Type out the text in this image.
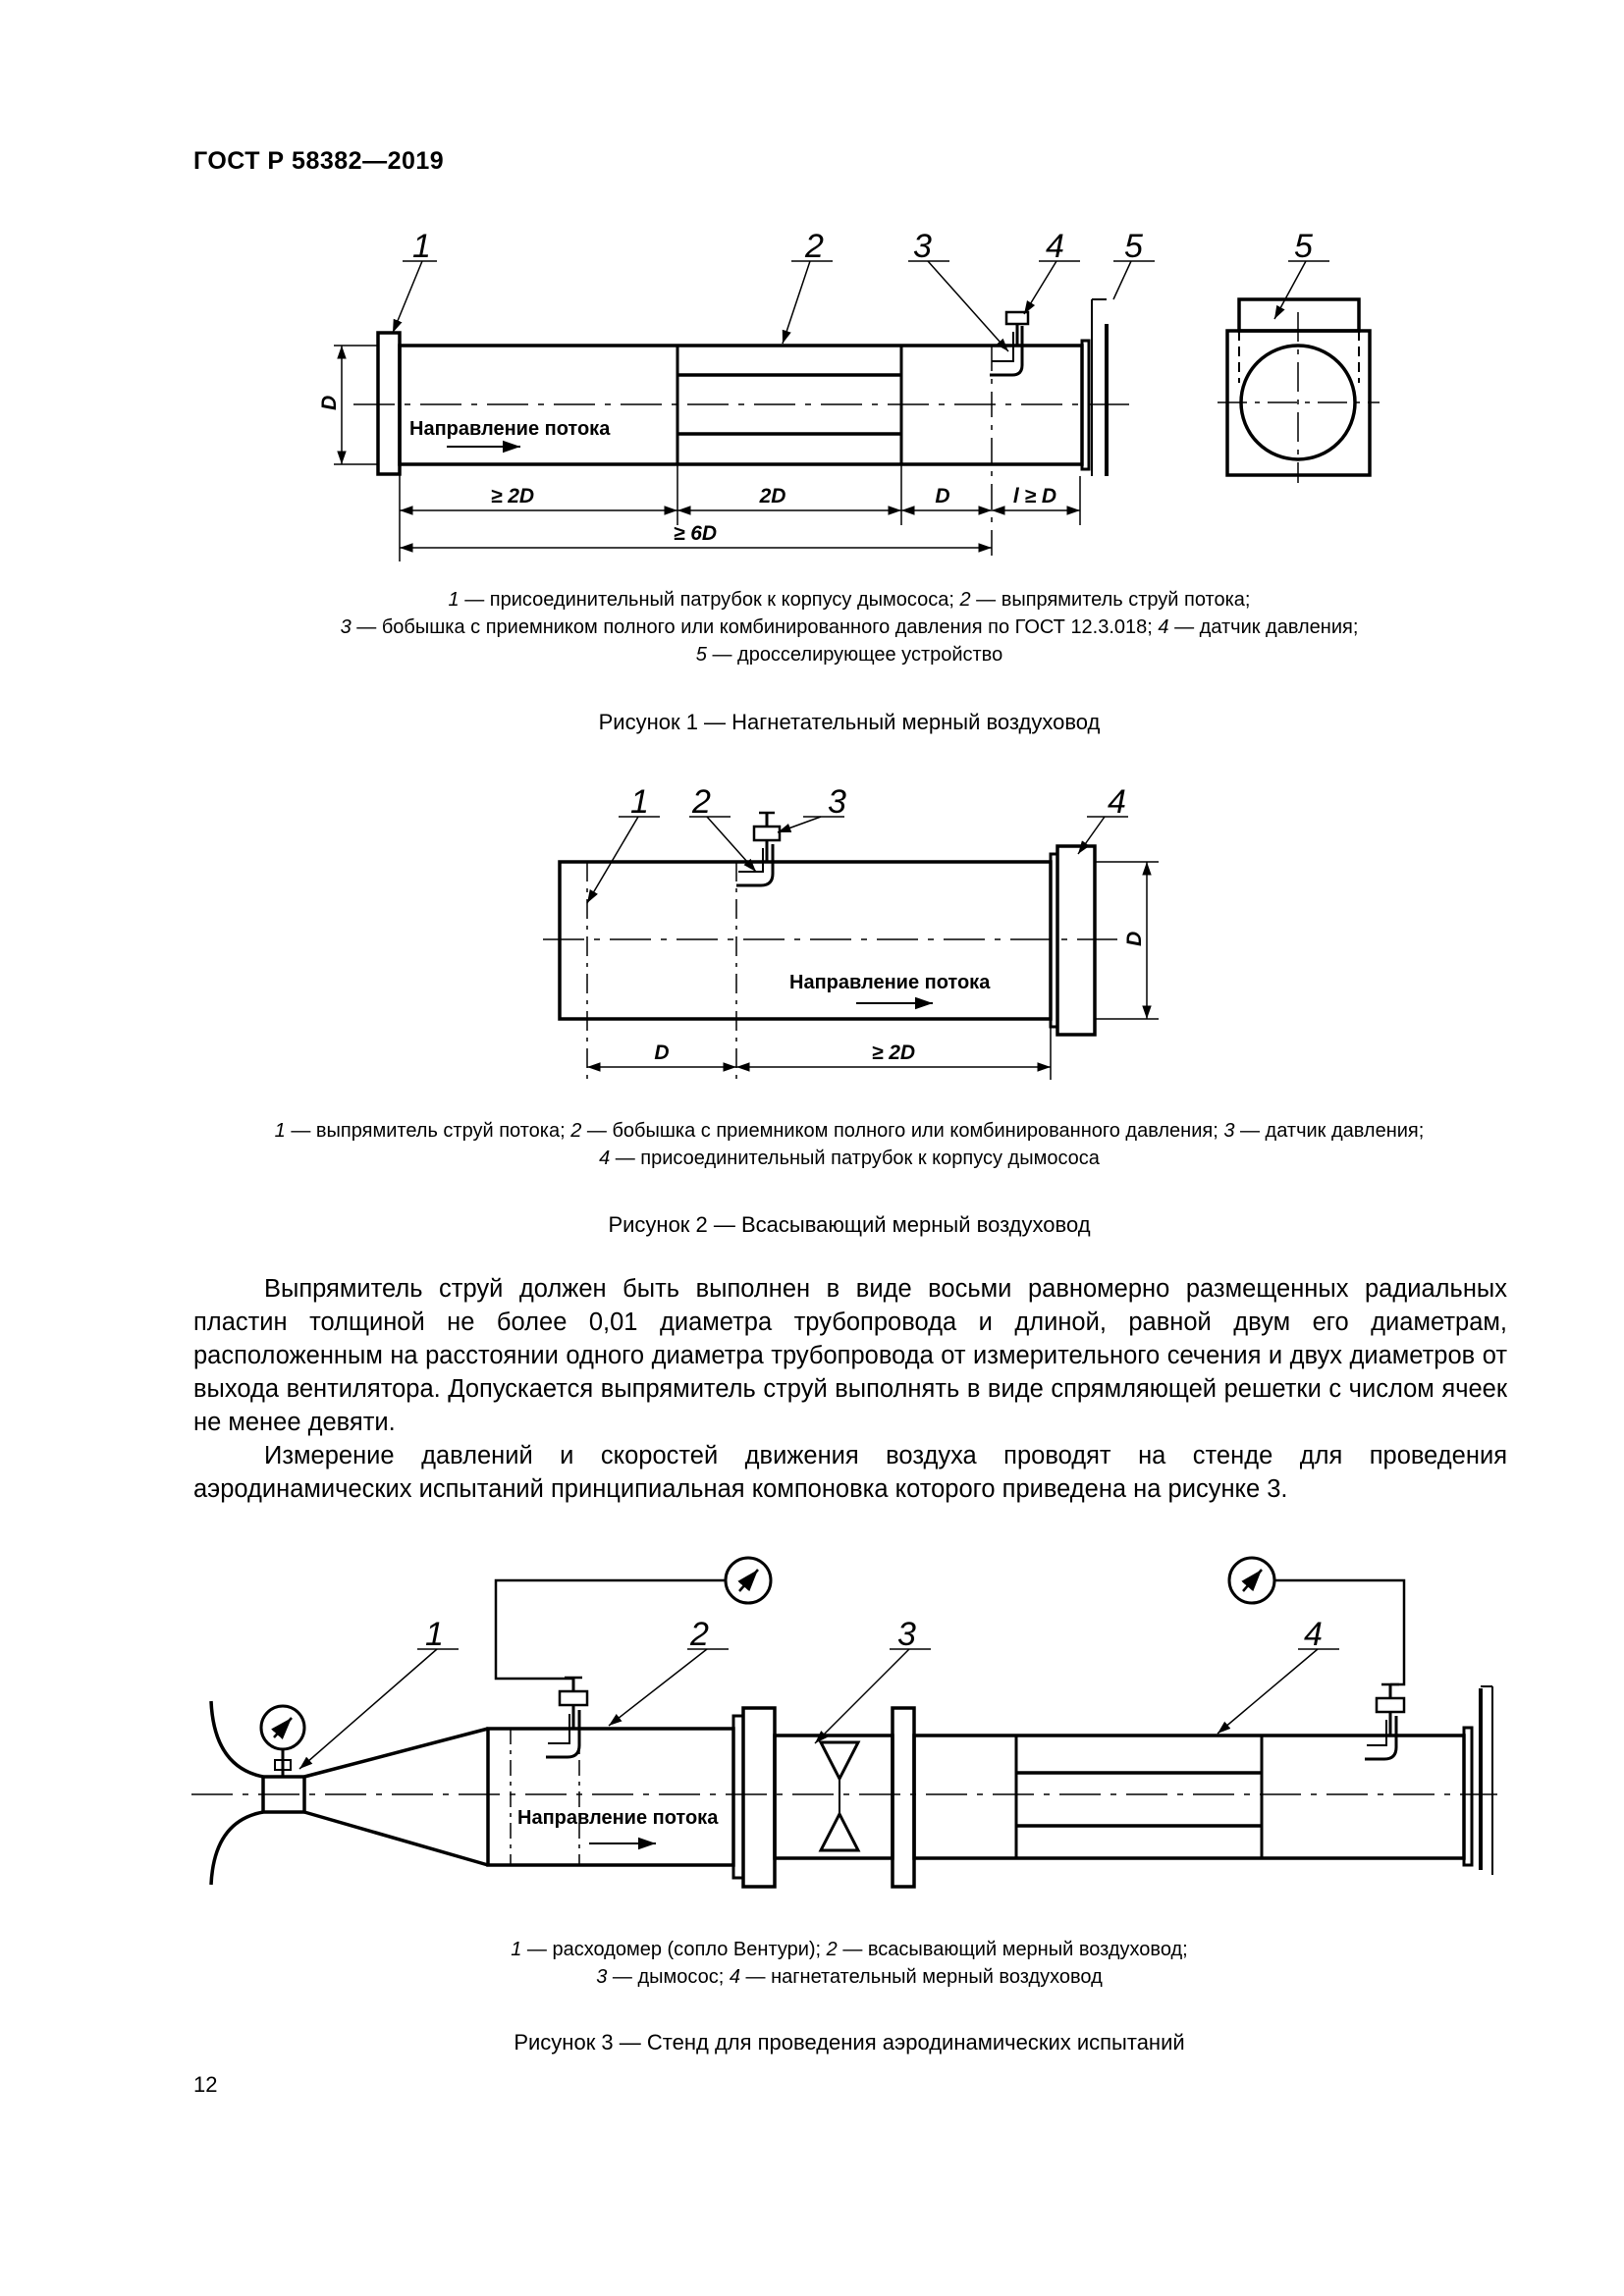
ГОСТ Р 58382—2019
1	2	3	4 5	5
D
≥ 2D	2D	D	l ≥ D
≥ 6D
Направление потока
1 — присоединительный патрубок к корпусу дымососа; 2 — выпрямитель струй потока;
3 — бобышка с приемником полного или комбинированного давления по ГОСТ 12.3.018; 4 — датчик давления;
5 — дросселирующее устройство
Рисунок 1 — Нагнетательный мерный воздуховод
1 2	3	4
D	≥ 2D
D
Направление потока
1 — выпрямитель струй потока; 2 — бобышка с приемником полного или комбинированного давления; 3 — датчик давления;
4 — присоединительный патрубок к корпусу дымососа
Рисунок 2 — Всасывающий мерный воздуховод

Выпрямитель струй должен быть выполнен в виде восьми равномерно размещенных радиальных пластин толщиной не более 0,01 диаметра трубопровода и длиной, равной двум его диаметрам, расположенным на расстоянии одного диаметра трубопровода от измерительного сечения и двух диаметров от выхода вентилятора. Допускается выпрямитель струй выполнять в виде спрямляющей решетки с числом ячеек не менее девяти.

Измерение давлений и скоростей движения воздуха проводят на стенде для проведения аэродинамических испытаний принципиальная компоновка которого приведена на рисунке 3.

1	2	3	4
Направление потока
1 — расходомер (сопло Вентури); 2 — всасывающий мерный воздуховод;
3 — дымосос; 4 — нагнетательный мерный воздуховод
Рисунок 3 — Стенд для проведения аэродинамических испытаний
12
